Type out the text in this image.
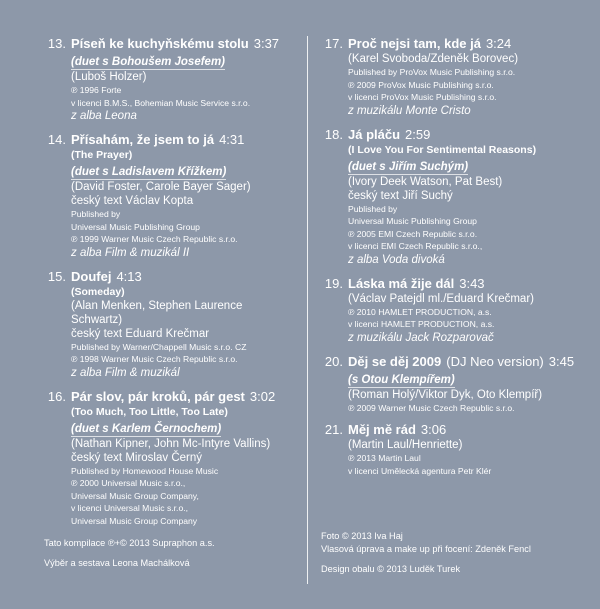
13. Píseň ke kuchyňskému stolu 3:37
(duet s Bohoušem Josefem)
(Luboš Holzer)
℗ 1996 Forte
v licenci B.M.S., Bohemian Music Service s.r.o.
z alba Leona
14. Přísahám, že jsem to já 4:31
(The Prayer)
(duet s Ladislavem Křížkem)
(David Foster, Carole Bayer Sager)
český text Václav Kopta
Published by
Universal Music Publishing Group
℗ 1999 Warner Music Czech Republic s.r.o.
z alba Film & muzikál II
15. Doufej 4:13
(Someday)
(Alan Menken, Stephen Laurence
Schwartz)
český text Eduard Krečmar
Published by Warner/Chappell Music s.r.o. CZ
℗ 1998 Warner Music Czech Republic s.r.o.
z alba Film & muzikál
16. Pár slov, pár kroků, pár gest 3:02
(Too Much, Too Little, Too Late)
(duet s Karlem Černochem)
(Nathan Kipner, John Mc-Intyre Vallins)
český text Miroslav Černý
Published by Homewood House Music
℗ 2000 Universal Music s.r.o.,
Universal Music Group Company,
v licenci Universal Music s.r.o.,
Universal Music Group Company
17. Proč nejsi tam, kde já 3:24
(Karel Svoboda/Zdeněk Borovec)
Published by ProVox Music Publishing s.r.o.
℗ 2009 ProVox Music Publishing s.r.o.
v licenci ProVox Music Publishing s.r.o.
z muzikálu Monte Cristo
18. Já pláču 2:59
(I Love You For Sentimental Reasons)
(duet s Jiřím Suchým)
(Ivory Deek Watson, Pat Best)
český text Jiří Suchý
Published by
Universal Music Publishing Group
℗ 2005 EMI Czech Republic s.r.o.
v licenci EMI Czech Republic s.r.o.,
z alba Voda divoká
19. Láska má žije dál 3:43
(Václav Patejdl ml./Eduard Krečmar)
℗ 2010 HAMLET PRODUCTION, a.s.
v licenci HAMLET PRODUCTION, a.s.
z muzikálu Jack Rozparovač
20. Děj se děj 2009 (DJ Neo version) 3:45
(s Otou Klempířem)
(Roman Holý/Viktor Dyk, Oto Klempíř)
℗ 2009 Warner Music Czech Republic s.r.o.
21. Měj mě rád 3:06
(Martin Laul/Henriette)
℗ 2013 Martin Laul
v licenci Umělecká agentura Petr Klér
Tato kompilace ℗+© 2013 Supraphon a.s.
Výběr a sestava Leona Machálková
Foto © 2013 Iva Haj
Vlasová úprava a make up při focení: Zdeněk Fencl
Design obalu © 2013 Luděk Turek
